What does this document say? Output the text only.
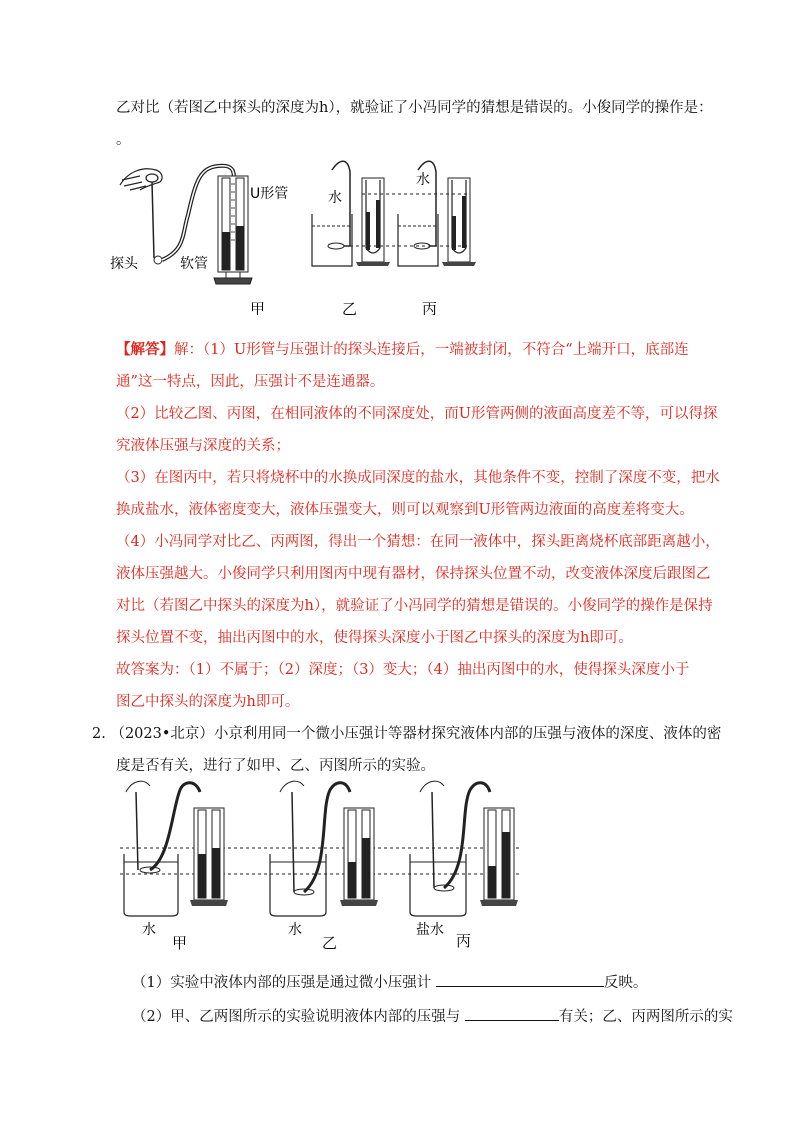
乙对比（若图乙中探头的深度为h），就验证了小冯同学的猜想是错误的。小俊同学的操作是：
。
U形管
探头	软管
甲
水
乙
水
丙
【解答】解：（1）U形管与压强计的探头连接后，一端被封闭，不符合“上端开口，底部连
通”这一特点，因此，压强计不是连通器。
（2）比较乙图、丙图，在相同液体的不同深度处，而U形管两侧的液面高度差不等，可以得探
究液体压强与深度的关系；
（3）在图丙中，若只将烧杯中的水换成同深度的盐水，其他条件不变，控制了深度不变，把水
换成盐水，液体密度变大，液体压强变大，则可以观察到U形管两边液面的高度差将变大。
（4）小冯同学对比乙、丙两图，得出一个猜想：在同一液体中，探头距离烧杯底部距离越小，
液体压强越大。小俊同学只利用图丙中现有器材，保持探头位置不动，改变液体深度后跟图乙
对比（若图乙中探头的深度为h），就验证了小冯同学的猜想是错误的。小俊同学的操作是保持
探头位置不变，抽出丙图中的水，使得探头深度小于图乙中探头的深度为h即可。
故答案为：（1）不属于；（2）深度；（3）变大；（4）抽出丙图中的水，使得探头深度小于
图乙中探头的深度为h即可。
2. （2023•北京）小京利用同一个微小压强计等器材探究液体内部的压强与液体的深度、液体的密
度是否有关，进行了如甲、乙、丙图所示的实验。
水
甲
水
乙
盐水
丙
（1）实验中液体内部的压强是通过微小压强计	反映。
（2）甲、乙两图所示的实验说明液体内部的压强与	有关；乙、丙两图所示的实
